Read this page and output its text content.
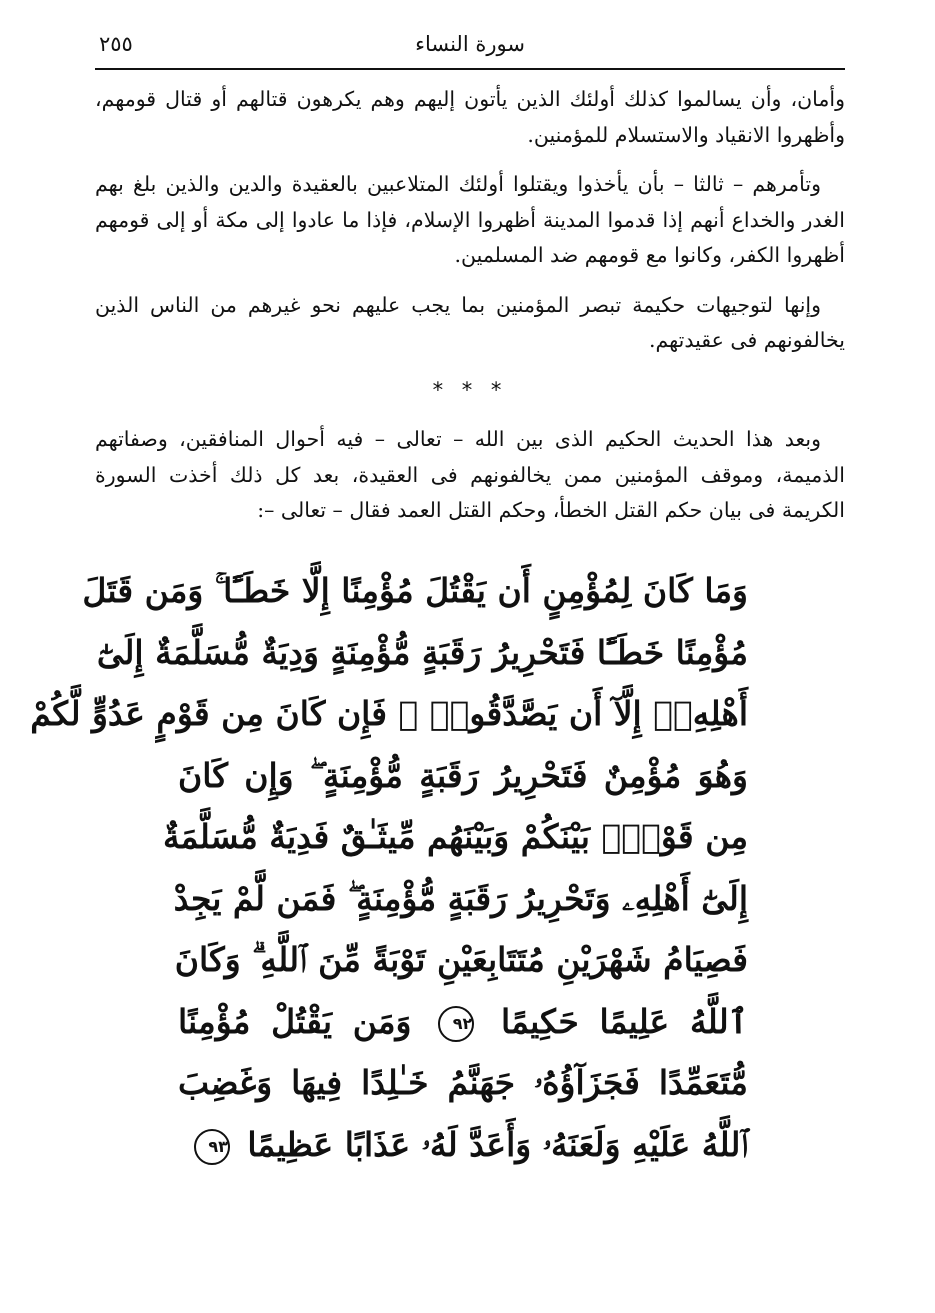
٢٥٥	سورة النساء

وأمان، وأن يسالموا كذلك أولئك الذين يأتون إليهم وهم يكرهون قتالهم أو قتال قومهم، وأظهروا الانقياد والاستسلام للمؤمنين.

وتأمرهم – ثالثا – بأن يأخذوا ويقتلوا أولئك المتلاعبين بالعقيدة والدين والذين بلغ بهم الغدر والخداع أنهم إذا قدموا المدينة أظهروا الإسلام، فإذا ما عادوا إلى مكة أو إلى قومهم أظهروا الكفر، وكانوا مع قومهم ضد المسلمين.

وإنها لتوجيهات حكيمة تبصر المؤمنين بما يجب عليهم نحو غيرهم من الناس الذين يخالفونهم فى عقيدتهم.

* * *

وبعد هذا الحديث الحكيم الذى بين الله – تعالى – فيه أحوال المنافقين، وصفاتهم الذميمة، وموقف المؤمنين ممن يخالفونهم فى العقيدة، بعد كل ذلك أخذت السورة الكريمة فى بيان حكم القتل الخطأ، وحكم القتل العمد فقال – تعالى –:

وَمَا كَانَ لِمُؤْمِنٍ أَن يَقْتُلَ مُؤْمِنًا إِلَّا خَطَـًٔا ۚ وَمَن قَتَلَ
مُؤْمِنًا خَطَـًٔا فَتَحْرِيرُ رَقَبَةٍ مُّؤْمِنَةٍ وَدِيَةٌ مُّسَلَّمَةٌ إِلَىٰٓ
أَهْلِهِۦٓ إِلَّآ أَن يَصَّدَّقُوا۟ ۚ فَإِن كَانَ مِن قَوْمٍ عَدُوٍّ لَّكُمْ
وَهُوَ مُؤْمِنٌ فَتَحْرِيرُ رَقَبَةٍ مُّؤْمِنَةٍ ۖ وَإِن كَانَ
مِن قَوْمٍۭ بَيْنَكُمْ وَبَيْنَهُم مِّيثَـٰقٌ فَدِيَةٌ مُّسَلَّمَةٌ
إِلَىٰٓ أَهْلِهِۦ وَتَحْرِيرُ رَقَبَةٍ مُّؤْمِنَةٍ ۖ فَمَن لَّمْ يَجِدْ
فَصِيَامُ شَهْرَيْنِ مُتَتَابِعَيْنِ تَوْبَةً مِّنَ ٱللَّهِ ۗ وَكَانَ
ٱللَّهُ عَلِيمًا حَكِيمًا ٩٢ وَمَن يَقْتُلْ مُؤْمِنًا
مُّتَعَمِّدًا فَجَزَآؤُهُۥ جَهَنَّمُ خَـٰلِدًا فِيهَا وَغَضِبَ
ٱللَّهُ عَلَيْهِ وَلَعَنَهُۥ وَأَعَدَّ لَهُۥ عَذَابًا عَظِيمًا ٩٣
